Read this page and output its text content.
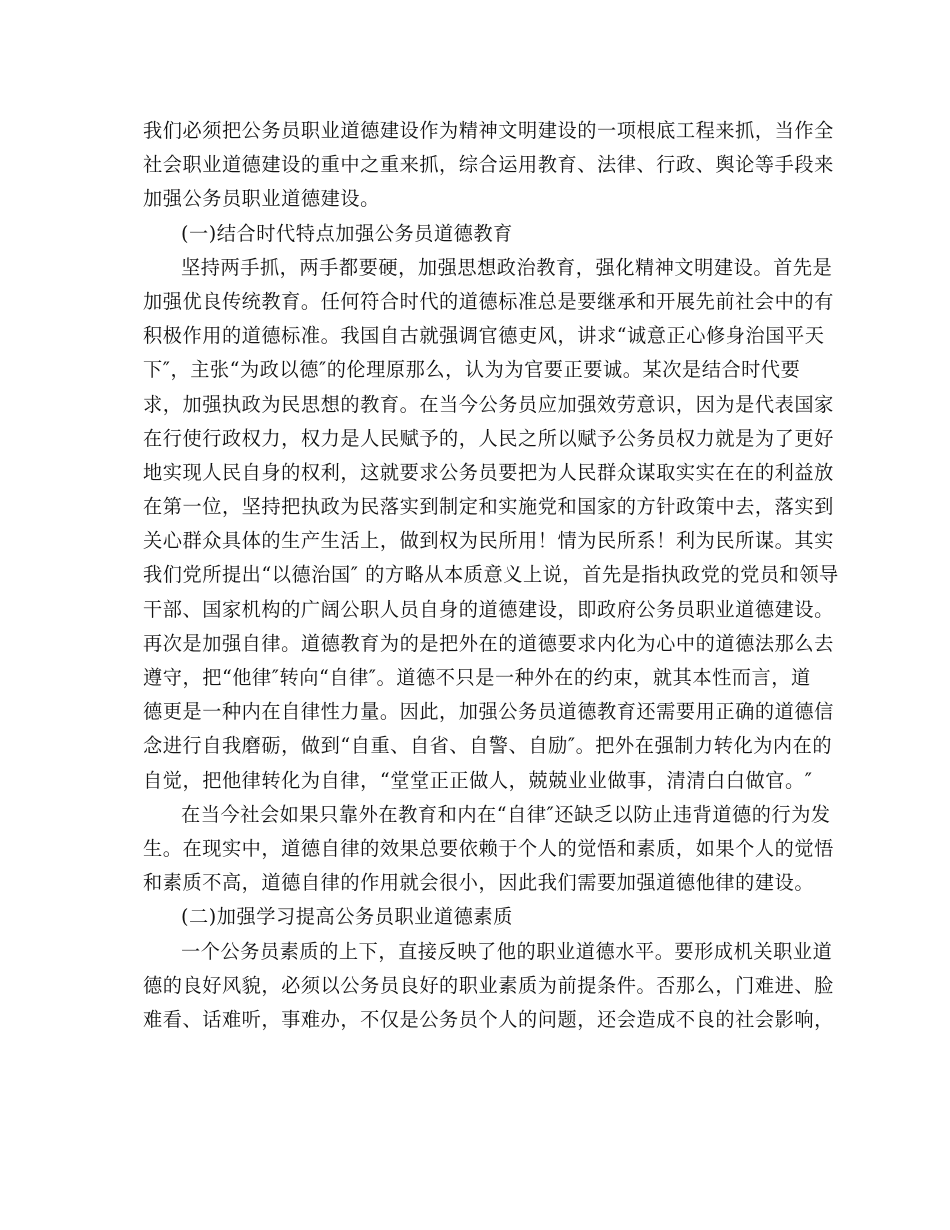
我们必须把公务员职业道德建设作为精神文明建设的一项根底工程来抓，当作全
社会职业道德建设的重中之重来抓，综合运用教育、法律、行政、舆论等手段来
加强公务员职业道德建设。
(一)结合时代特点加强公务员道德教育
坚持两手抓，两手都要硬，加强思想政治教育，强化精神文明建设。首先是
加强优良传统教育。任何符合时代的道德标准总是要继承和开展先前社会中的有
积极作用的道德标准。我国自古就强调官德吏风，讲求“诚意正心修身治国平天
下″，主张“为政以德″的伦理原那么，认为为官要正要诚。某次是结合时代要
求，加强执政为民思想的教育。在当今公务员应加强效劳意识，因为是代表国家
在行使行政权力，权力是人民赋予的，人民之所以赋予公务员权力就是为了更好
地实现人民自身的权利，这就要求公务员要把为人民群众谋取实实在在的利益放
在第一位，坚持把执政为民落实到制定和实施党和国家的方针政策中去，落实到
关心群众具体的生产生活上，做到权为民所用！情为民所系！利为民所谋。其实
我们党所提出“以德治国″ 的方略从本质意义上说，首先是指执政党的党员和领导
干部、国家机构的广阔公职人员自身的道德建设，即政府公务员职业道德建设。
再次是加强自律。道德教育为的是把外在的道德要求内化为心中的道德法那么去
遵守，把“他律″转向“自律″。道德不只是一种外在的约束，就其本性而言，道
德更是一种内在自律性力量。因此，加强公务员道德教育还需要用正确的道德信
念进行自我磨砺，做到“自重、自省、自警、自励″。把外在强制力转化为内在的
自觉，把他律转化为自律，“堂堂正正做人，兢兢业业做事，清清白白做官。″
在当今社会如果只靠外在教育和内在“自律″还缺乏以防止违背道德的行为发
生。在现实中，道德自律的效果总要依赖于个人的觉悟和素质，如果个人的觉悟
和素质不高，道德自律的作用就会很小，因此我们需要加强道德他律的建设。
(二)加强学习提高公务员职业道德素质
一个公务员素质的上下，直接反映了他的职业道德水平。要形成机关职业道
德的良好风貌，必须以公务员良好的职业素质为前提条件。否那么，门难进、脸
难看、话难听，事难办，不仅是公务员个人的问题，还会造成不良的社会影响，
